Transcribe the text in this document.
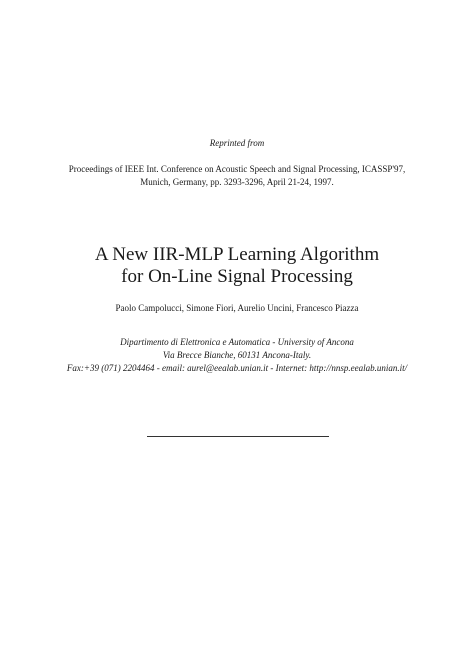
Reprinted from
Proceedings of IEEE Int. Conference on Acoustic Speech and Signal Processing, ICASSP'97,
Munich, Germany, pp. 3293-3296, April 21-24, 1997.
A New IIR-MLP Learning Algorithm
for On-Line Signal Processing
Paolo Campolucci, Simone Fiori, Aurelio Uncini, Francesco Piazza
Dipartimento di Elettronica e Automatica - University of Ancona
Via Brecce Bianche, 60131 Ancona-Italy.
Fax:+39 (071) 2204464 - email: aurel@eealab.unian.it - Internet: http://nnsp.eealab.unian.it/
